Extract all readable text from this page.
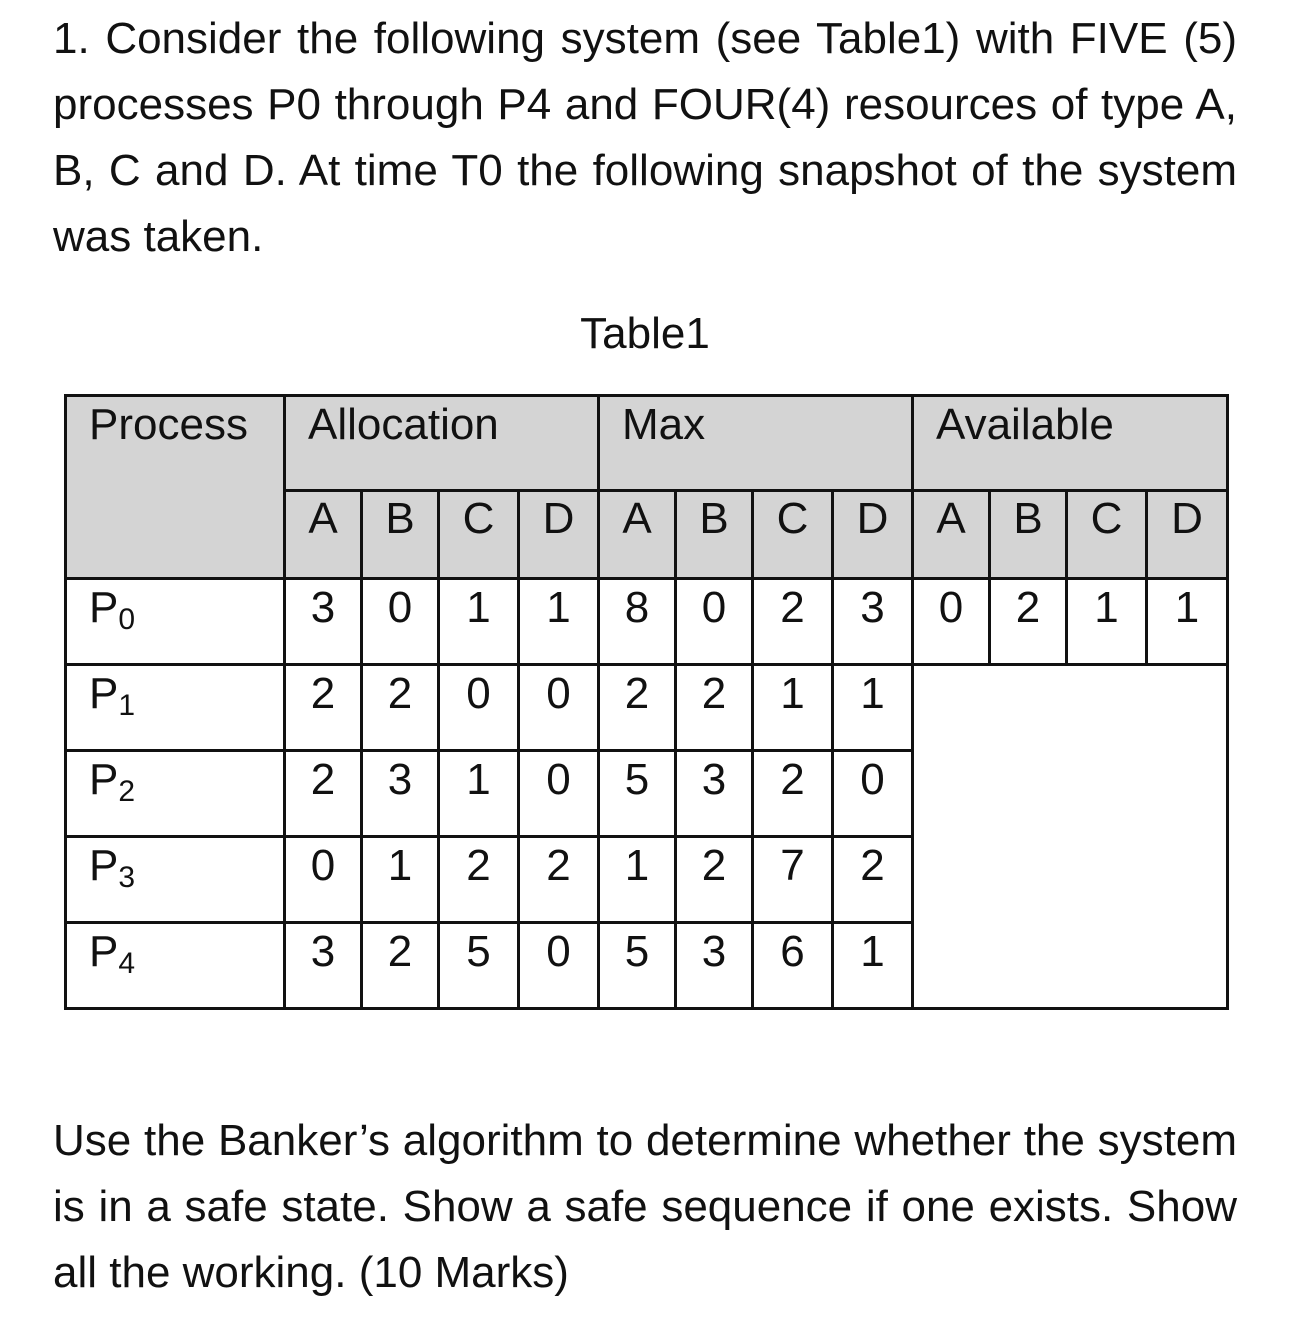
1. Consider the following system (see Table1) with FIVE (5) processes P0 through P4 and FOUR(4) resources of type A, B, C and D. At time T0 the following snapshot of the system was taken.

Table1
Process	Allocation				Max				Available			
	A	B	C	D	A	B	C	D	A	B	C	D
$P_0$	3	0	1	1	8	0	2	3	0	2	1	1
$P_1$	2	2	0	0	2	2	1	1				
$P_2$	2	3	1	0	5	3	2	0				
$P_3$	0	1	2	2	1	2	7	2				
$P_4$	3	2	5	0	5	3	6	1				

Use the Banker’s algorithm to determine whether the system is in a safe state. Show a safe sequence if one exists. Show all the working. (10 Marks)
